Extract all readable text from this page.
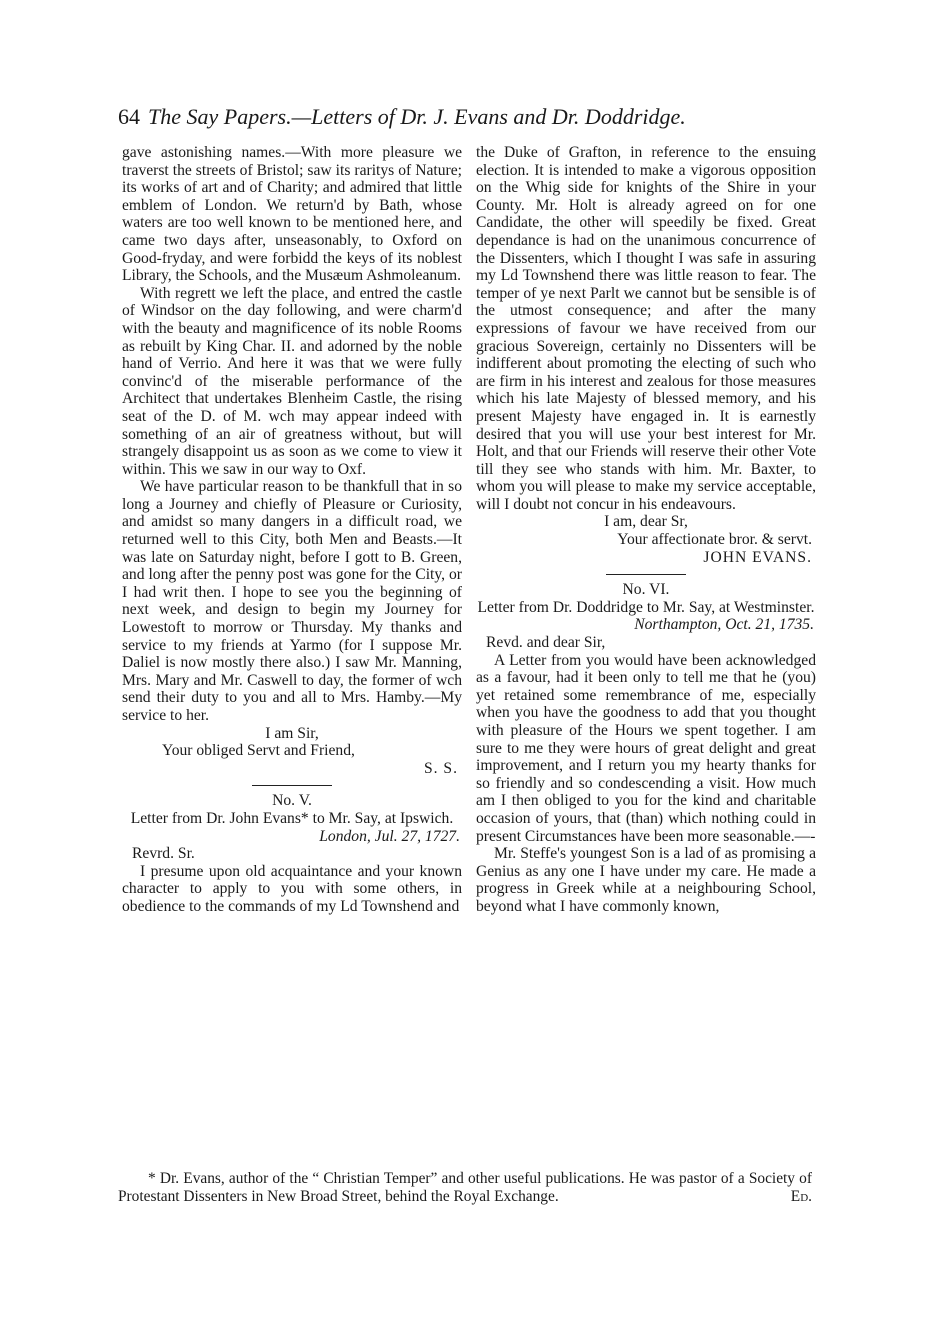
64 The Say Papers.—Letters of Dr. J. Evans and Dr. Doddridge.

gave astonishing names.—With more pleasure we traverst the streets of Bristol; saw its raritys of Nature; its works of art and of Charity; and admired that little emblem of London. We return'd by Bath, whose waters are too well known to be mentioned here, and came two days after, unseasonably, to Oxford on Good-fryday, and were forbidd the keys of its noblest Library, the Schools, and the Musæum Ashmoleanum.

With regrett we left the place, and entred the castle of Windsor on the day following, and were charm'd with the beauty and magnificence of its noble Rooms as rebuilt by King Char. II. and adorned by the noble hand of Verrio. And here it was that we were fully convinc'd of the miserable performance of the Architect that undertakes Blenheim Castle, the rising seat of the D. of M. wch may appear indeed with something of an air of greatness without, but will strangely disappoint us as soon as we come to view it within. This we saw in our way to Oxf.

We have particular reason to be thankfull that in so long a Journey and chiefly of Pleasure or Curiosity, and amidst so many dangers in a difficult road, we returned well to this City, both Men and Beasts.—It was late on Saturday night, before I gott to B. Green, and long after the penny post was gone for the City, or I had writ then. I hope to see you the beginning of next week, and design to begin my Journey for Lowestoft to morrow or Thursday. My thanks and service to my friends at Yarmo (for I suppose Mr. Daliel is now mostly there also.) I saw Mr. Manning, Mrs. Mary and Mr. Caswell to day, the former of wch send their duty to you and all to Mrs. Hamby.—My service to her.

I am Sir,

Your obliged Servt and Friend,

S. S.

No. V.

Letter from Dr. John Evans* to Mr. Say, at Ipswich.

London, Jul. 27, 1727.

Revrd. Sr.

I presume upon old acquaintance and your known character to apply to you with some others, in obedience to the commands of my Ld Townshend and

the Duke of Grafton, in reference to the ensuing election. It is intended to make a vigorous opposition on the Whig side for knights of the Shire in your County. Mr. Holt is already agreed on for one Candidate, the other will speedily be fixed. Great dependance is had on the unanimous concurrence of the Dissenters, which I thought I was safe in assuring my Ld Townshend there was little reason to fear. The temper of ye next Parlt we cannot but be sensible is of the utmost consequence; and after the many expressions of favour we have received from our gracious Sovereign, certainly no Dissenters will be indifferent about promoting the electing of such who are firm in his interest and zealous for those measures which his late Majesty of blessed memory, and his present Majesty have engaged in. It is earnestly desired that you will use your best interest for Mr. Holt, and that our Friends will reserve their other Vote till they see who stands with him. Mr. Baxter, to whom you will please to make my service acceptable, will I doubt not concur in his endeavours.

I am, dear Sr,

Your affectionate bror. & servt.

JOHN EVANS.

No. VI.

Letter from Dr. Doddridge to Mr. Say, at Westminster.

Northampton, Oct. 21, 1735.

Revd. and dear Sir,

A Letter from you would have been acknowledged as a favour, had it been only to tell me that he (you) yet retained some remembrance of me, especially when you have the goodness to add that you thought with pleasure of the Hours we spent together. I am sure to me they were hours of great delight and great improvement, and I return you my hearty thanks for so friendly and so condescending a visit. How much am I then obliged to you for the kind and charitable occasion of yours, that (than) which nothing could in present Circumstances have been more seasonable.—-

Mr. Steffe's youngest Son is a lad of as promising a Genius as any one I have under my care. He made a progress in Greek while at a neighbouring School, beyond what I have commonly known,

* Dr. Evans, author of the “ Christian Temper” and other useful publications. He was pastor of a Society of Protestant Dissenters in New Broad Street, behind the Royal Exchange.	Ed.
